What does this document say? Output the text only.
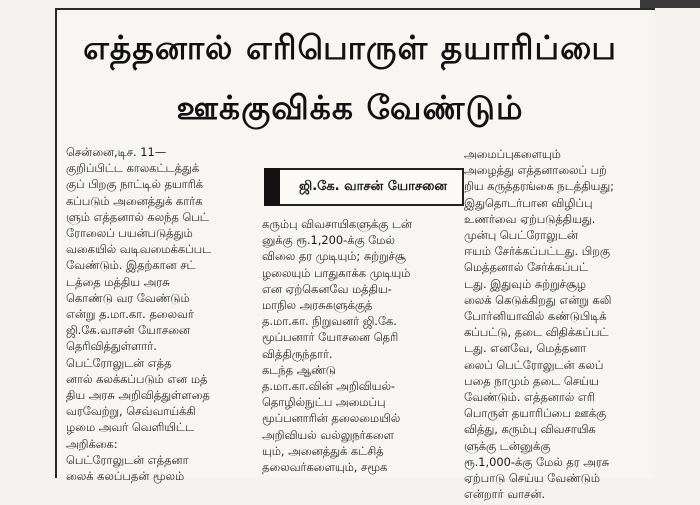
எத்தனால் எரிபொருள் தயாரிப்பை
ஊக்குவிக்க வேண்டும்
சென்னை,டிச. 11—
குறிப்பிட்ட காலகட்டத்துக்
குப் பிறகு நாட்டில் தயாரிக்
கப்படும் அனைத்துக் கார்க
ளும் எத்தனால் கலந்த பெட்
ரோலைப் பயன்படுத்தும்
வகையில் வடிவமைக்கப்பட
வேண்டும். இதற்கான சட்
டத்தை மத்திய அரசு
கொண்டு வர வேண்டும்
என்று த.மா.கா. தலைவர்
ஜி.கே.வாசன் யோசனை
தெரிவித்துள்ளார்.
பெட்ரோலுடன் எத்த
னால் கலக்கப்படும் என மத்
திய அரசு அறிவித்துள்ளதை
வரவேற்று, செவ்வாய்க்கி
ழமை அவர் வெளியிட்ட
அறிக்கை:
பெட்ரோலுடன் எத்தனா
லைக் கலப்பதன் மூலம்
ஜி.கே. வாசன் யோசனை
கரும்பு விவசாயிகளுக்கு டன்
னுக்கு ரூ.1,200-க்கு மேல்
விலை தர முடியும்; சுற்றுச்சூ
ழலையும் பாதுகாக்க முடியும்
என ஏற்கெனவே மத்திய-
மாநில அரசுகளுக்குத்
த.மா.கா. நிறுவனர் ஜி.கே.
மூப்பனார் யோசனை தெரி
வித்திருந்தார்.
கடந்த ஆண்டு
த.மா.கா.வின் அறிவியல்-
தொழில்நுட்ப அமைப்பு
மூப்பனாரின் தலைமையில்
அறிவியல் வல்லுநர்களை
யும், அனைத்துக் கட்சித்
தலைவர்களையும், சமூக
அமைப்புகளையும்
அழைத்து எத்தனாலைப் பற்
றிய கருத்தரங்கை நடத்தியது;
இதுதொடர்பான விழிப்பு
உணர்வை ஏற்படுத்தியது.
முன்பு பெட்ரோலுடன்
ஈயம் சேர்க்கப்பட்டது. பிறகு
மெத்தனால் சேர்க்கப்பட்
டது. இதுவும் சுற்றுச்சூழ
லைக் கெடுக்கிறது என்று கலி
போர்னியாவில் கண்டுபிடிக்
கப்பட்டு, தடை விதிக்கப்பட்
டது. எனவே, மெத்தனா
லைப் பெட்ரோலுடன் கலப்
பதை நாமும் தடை செய்ய
வேண்டும். எத்தனால் எரி
பொருள் தயாரிப்பை ஊக்கு
வித்து, கரும்பு விவசாயிக
ளுக்கு டன்னுக்கு
ரூ.1,000-க்கு மேல் தர அரசு
ஏற்பாடு செய்ய வேண்டும்
என்றார் வாசன்.
